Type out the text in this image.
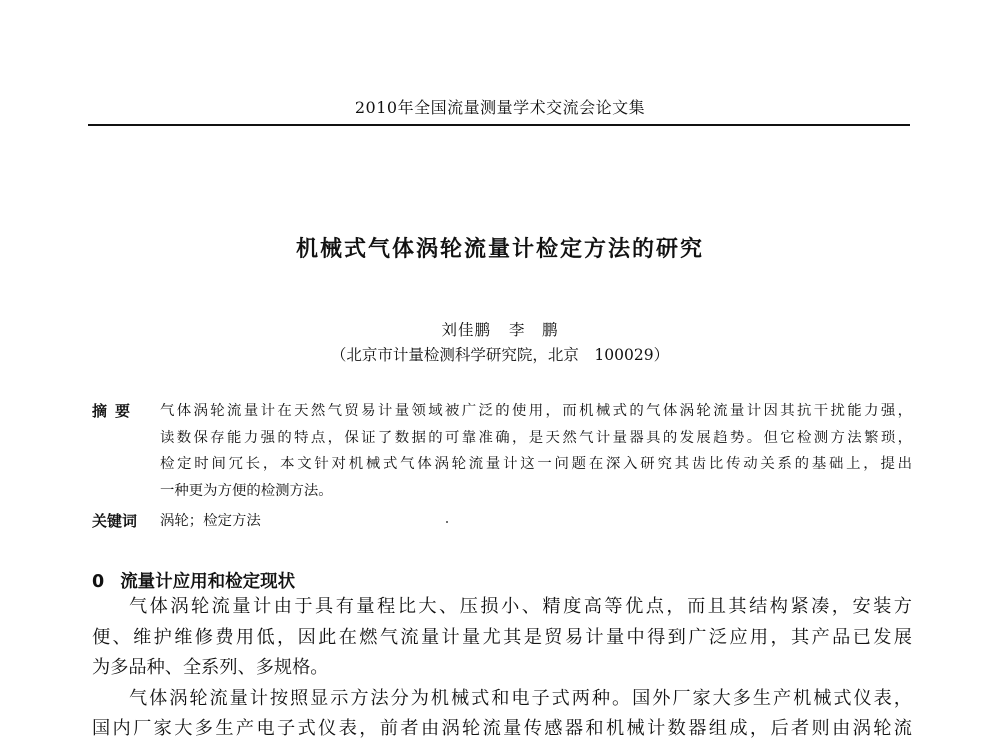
2010年全国流量测量学术交流会论文集
机械式气体涡轮流量计检定方法的研究
刘佳鹏 李　鹏
（北京市计量检测科学研究院，北京　100029）
摘要 气体涡轮流量计在天然气贸易计量领域被广泛的使用，而机械式的气体涡轮流量计因其抗干扰能力强，
读数保存能力强的特点，保证了数据的可靠准确，是天然气计量器具的发展趋势。但它检测方法繁琐，
检定时间冗长，本文针对机械式气体涡轮流量计这一问题在深入研究其齿比传动关系的基础上，提出
一种更为方便的检测方法。
关键词 涡轮；检定方法
0 流量计应用和检定现状
气体涡轮流量计由于具有量程比大、压损小、精度高等优点，而且其结构紧凑，安装方
便、维护维修费用低，因此在燃气流量计量尤其是贸易计量中得到广泛应用，其产品已发展
为多品种、全系列、多规格。
气体涡轮流量计按照显示方法分为机械式和电子式两种。国外厂家大多生产机械式仪表，
国内厂家大多生产电子式仪表，前者由涡轮流量传感器和机械计数器组成，后者则由涡轮流
